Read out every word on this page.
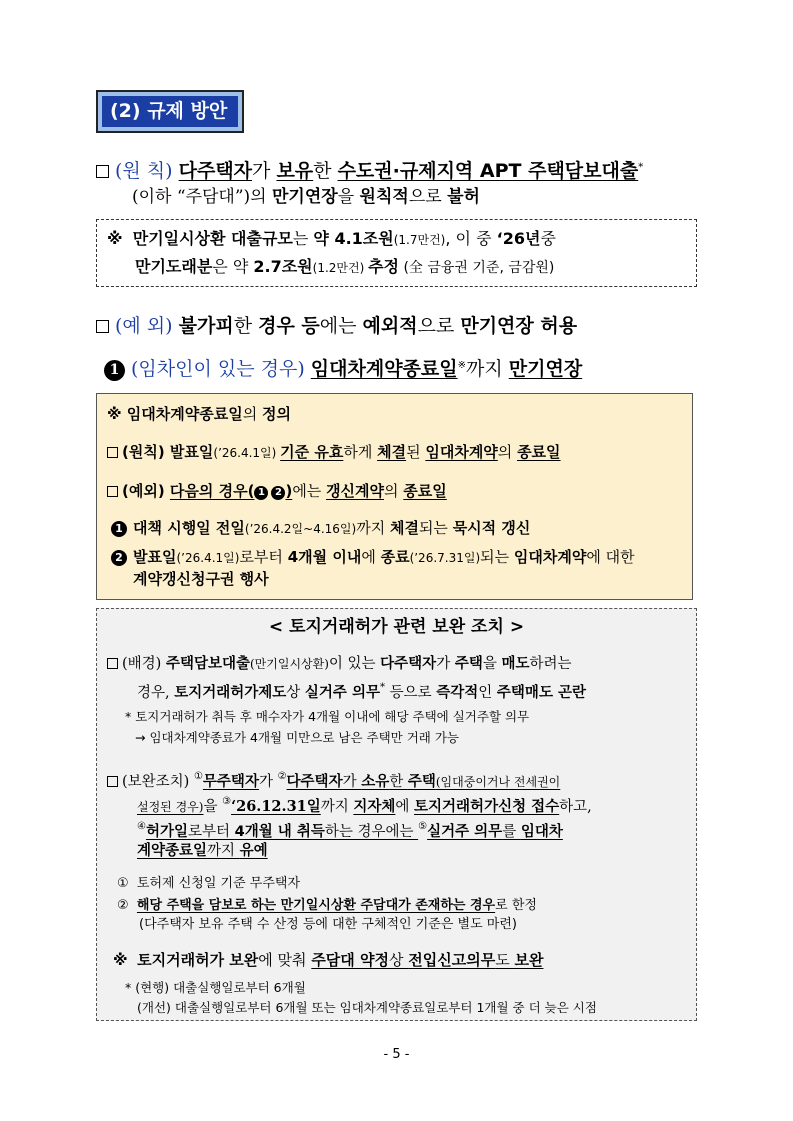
(2) 규제 방안
(원 칙) 다주택자가 보유한 수도권·규제지역 APT 주택담보대출*
(이하 “주담대”)의 만기연장을 원칙적으로 불허
※ 만기일시상환 대출규모는 약 4.1조원(1.7만건), 이 중 ‘26년중
만기도래분은 약 2.7조원(1.2만건) 추정 (全 금융권 기준, 금감원)
(예 외) 불가피한 경우 등에는 예외적으로 만기연장 허용
1 (임차인이 있는 경우) 임대차계약종료일※까지 만기연장
※ 임대차계약종료일의 정의
(원칙) 발표일(’26.4.1일) 기준 유효하게 체결된 임대차계약의 종료일
(예외) 다음의 경우( 1 2 )에는 갱신계약의 종료일
1 대책 시행일 전일(’26.4.2일~4.16일)까지 체결되는 묵시적 갱신
2 발표일(’26.4.1일)로부터 4개월 이내에 종료(’26.7.31일)되는 임대차계약에 대한
계약갱신청구권 행사
< 토지거래허가 관련 보완 조치 >
(배경) 주택담보대출(만기일시상환)이 있는 다주택자가 주택을 매도하려는
경우, 토지거래허가제도상 실거주 의무* 등으로 즉각적인 주택매도 곤란
* 토지거래허가 취득 후 매수자가 4개월 이내에 해당 주택에 실거주할 의무
→ 임대차계약종료가 4개월 미만으로 남은 주택만 거래 가능
(보완조치) ①무주택자가 ②다주택자가 소유한 주택(임대중이거나 전세권이
설정된 경우)을 ③‘26.12.31일까지 지자체에 토지거래허가신청 접수하고,
④허가일로부터 4개월 내 취득하는 경우에는 ⑤실거주 의무를 임대차
계약종료일까지 유예
① 토허제 신청일 기준 무주택자
② 해당 주택을 담보로 하는 만기일시상환 주담대가 존재하는 경우로 한정
(다주택자 보유 주택 수 산정 등에 대한 구체적인 기준은 별도 마련)
※ 토지거래허가 보완에 맞춰 주담대 약정상 전입신고의무도 보완
* (현행) 대출실행일로부터 6개월
(개선) 대출실행일로부터 6개월 또는 임대차계약종료일로부터 1개월 중 더 늦은 시점
- 5 -
